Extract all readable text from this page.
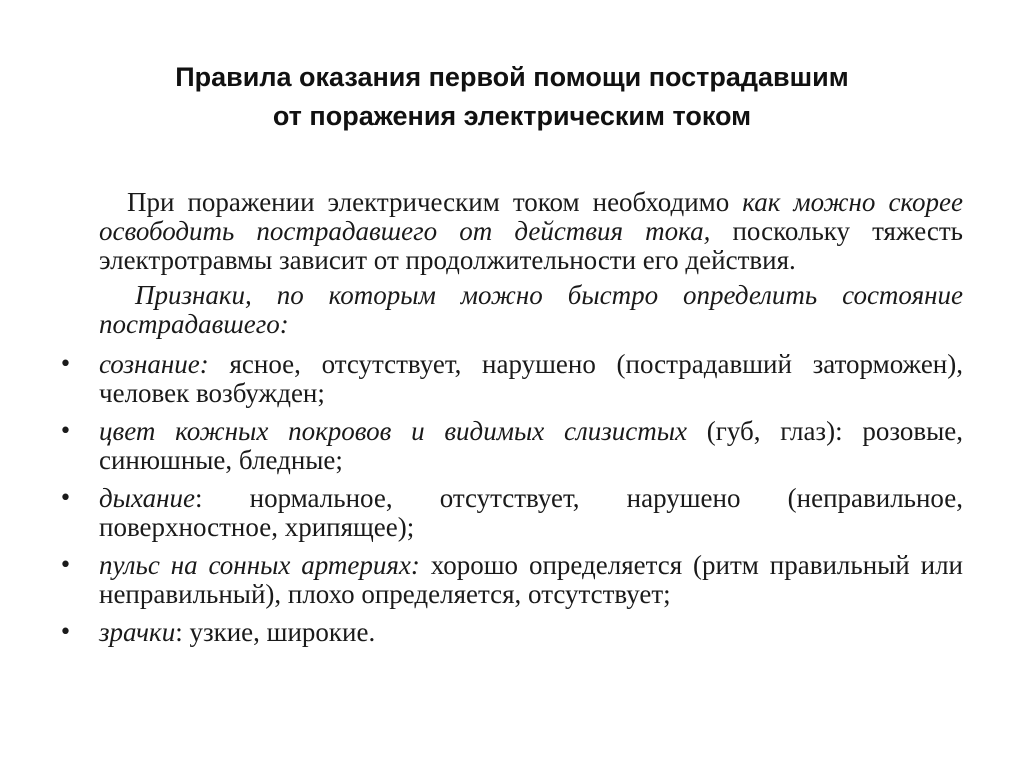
Правила оказания первой помощи пострадавшим
от поражения электрическим током

При поражении электрическим током необходимо как можно скорее освободить пострадавшего от действия тока, поскольку тяжесть электротравмы зависит от продолжительности его действия.

Признаки, по которым можно быстро определить состояние пострадавшего:

• сознание: ясное, отсутствует, нарушено (пострадавший заторможен), человек возбужден;
• цвет кожных покровов и видимых слизистых (губ, глаз): розовые, синюшные, бледные;
• дыхание: нормальное, отсутствует, нарушено (неправильное, поверхностное, хрипящее);
• пульс на сонных артериях: хорошо определяется (ритм правильный или неправильный), плохо определяется, отсутствует;
• зрачки: узкие, широкие.
